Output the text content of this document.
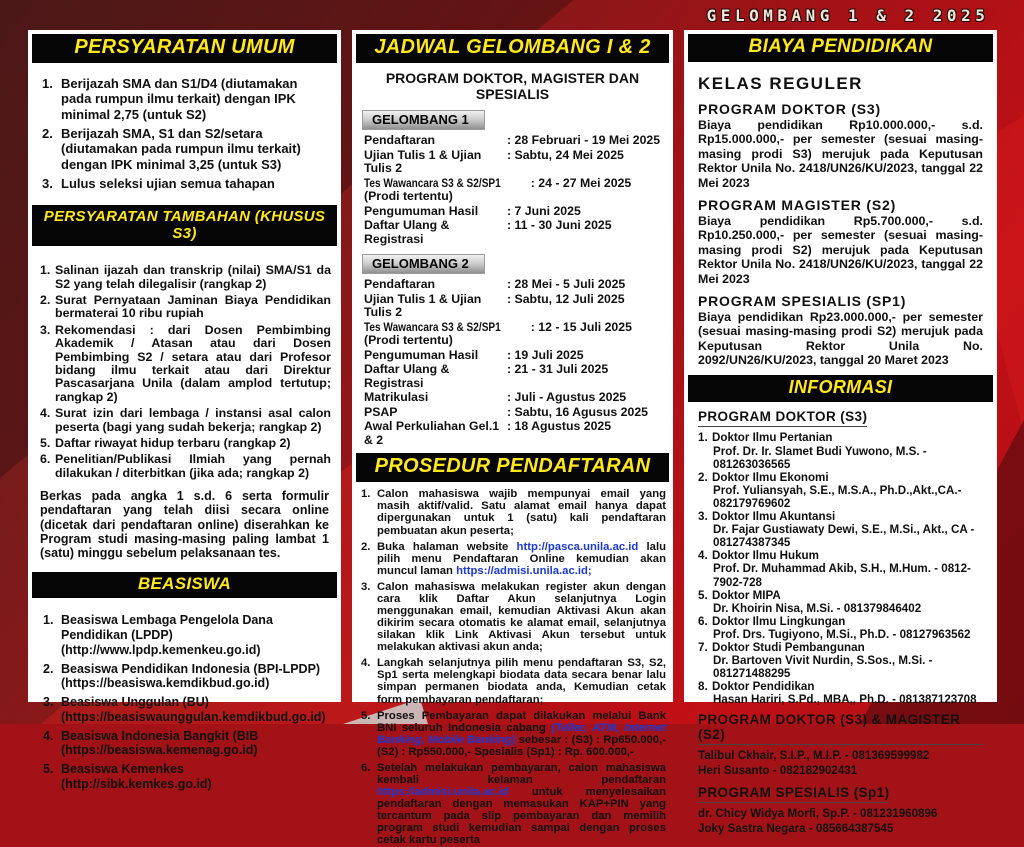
GELOMBANG 1 & 2 2025
PERSYARATAN UMUM
1. Berijazah SMA dan S1/D4 (diutamakan pada rumpun ilmu terkait) dengan IPK minimal 2,75 (untuk S2)
2. Berijazah SMA, S1 dan S2/setara (diutamakan pada rumpun ilmu terkait) dengan IPK minimal 3,25 (untuk S3)
3. Lulus seleksi ujian semua tahapan
PERSYARATAN TAMBAHAN (KHUSUS S3)
1. Salinan ijazah dan transkrip (nilai) SMA/S1 da S2 yang telah dilegalisir (rangkap 2)
2. Surat Pernyataan Jaminan Biaya Pendidikan bermaterai 10 ribu rupiah
3. Rekomendasi : dari Dosen Pembimbing Akademik / Atasan atau dari Dosen Pembimbing S2 / setara atau dari Profesor bidang ilmu terkait atau dari Direktur Pascasarjana Unila (dalam amplod tertutup; rangkap 2)
4. Surat izin dari lembaga / instansi asal calon peserta (bagi yang sudah bekerja; rangkap 2)
5. Daftar riwayat hidup terbaru (rangkap 2)
6. Penelitian/Publikasi Ilmiah yang pernah dilakukan / diterbitkan (jika ada; rangkap 2)
Berkas pada angka 1 s.d. 6 serta formulir pendaftaran yang telah diisi secara online (dicetak dari pendaftaran online) diserahkan ke Program studi masing-masing paling lambat 1 (satu) minggu sebelum pelaksanaan tes.
BEASISWA
1. Beasiswa Lembaga Pengelola Dana Pendidikan (LPDP)
(http://www.lpdp.kemenkeu.go.id)
2. Beasiswa Pendidikan Indonesia (BPI-LPDP)
(https://beasiswa.kemdikbud.go.id)
3. Beasiswa Unggulan (BU)
(https://beasiswaunggulan.kemdikbud.go.id)
4. Beasiswa Indonesia Bangkit (BIB
(https://beasiswa.kemenag.go.id)
5. Beasiswa Kemenkes
(http://sibk.kemkes.go.id)
JADWAL GELOMBANG I & 2
PROGRAM DOKTOR, MAGISTER DAN SPESIALIS
GELOMBANG 1
Pendaftaran	: 28 Februari - 19 Mei 2025
Ujian Tulis 1 & Ujian Tulis 2
: Sabtu, 24 Mei 2025
Tes Wawancara S3 & S2/SP1
(Prodi tertentu)
: 24 - 27 Mei 2025
Pengumuman Hasil	: 7 Juni 2025
Daftar Ulang & Registrasi
: 11 - 30 Juni 2025
GELOMBANG 2
Pendaftaran	: 28 Mei - 5 Juli 2025
Ujian Tulis 1 & Ujian Tulis 2
: Sabtu, 12 Juli 2025
Tes Wawancara S3 & S2/SP1
(Prodi tertentu)
: 12 - 15 Juli 2025
Pengumuman Hasil	: 19 Juli 2025
Daftar Ulang & Registrasi
: 21 - 31 Juli 2025
Matrikulasi	: Juli - Agustus 2025
PSAP	: Sabtu, 16 Agusus 2025
Awal Perkuliahan Gel.1 & 2
: 18 Agustus 2025
PROSEDUR PENDAFTARAN
1. Calon mahasiswa wajib mempunyai email yang masih aktif/valid. Satu alamat email hanya dapat dipergunakan untuk 1 (satu) kali pendaftaran pembuatan akun peserta;
2. Buka halaman website http://pasca.unila.ac.id lalu pilih menu Pendaftaran Online kemudian akan muncul laman https://admisi.unila.ac.id;
3. Calon mahasiswa melakukan register akun dengan cara klik Daftar Akun selanjutnya Login menggunakan email, kemudian Aktivasi Akun akan dikirim secara otomatis ke alamat email, selanjutnya silakan klik Link Aktivasi Akun tersebut untuk melakukan aktivasi akun anda;
4. Langkah selanjutnya pilih menu pendaftaran S3, S2, Sp1 serta melengkapi biodata data secara benar lalu simpan permanen biodata anda, Kemudian cetak form pembayaran pendaftaran;
5. Proses Pembayaran dapat dilakukan melalui Bank BNI seluruh Indonesia cabang (Teller, ATM, Internet Banking, Mobile Banking) sebesar : (S3) : Rp650.000,- (S2) : Rp550.000,- Spesialis (Sp1) : Rp. 600.000,-
6. Setelah melakukan pembayaran, calon mahasiswa kembali kelaman pendaftaran https://admisi.unila.ac.id untuk menyelesaikan pendaftaran dengan memasukan KAP+PIN yang tercantum pada slip pembayaran dan memilih program studi kemudian sampai dengan proses cetak kartu peserta
BIAYA PENDIDIKAN
KELAS REGULER
PROGRAM DOKTOR (S3)
Biaya pendidikan Rp10.000.000,- s.d. Rp15.000.000,- per semester (sesuai masing-masing prodi S3) merujuk pada Keputusan Rektor Unila No. 2418/UN26/KU/2023, tanggal 22 Mei 2023
PROGRAM MAGISTER (S2)
Biaya pendidikan Rp5.700.000,- s.d. Rp10.250.000,- per semester (sesuai masing-masing prodi S2) merujuk pada Keputusan Rektor Unila No. 2418/UN26/KU/2023, tanggal 22 Mei 2023
PROGRAM SPESIALIS (SP1)
Biaya pendidikan Rp23.000.000,- per semester (sesuai masing-masing prodi S2) merujuk pada Keputusan Rektor Unila No. 2092/UN26/KU/2023, tanggal 20 Maret 2023
INFORMASI
PROGRAM DOKTOR (S3)
1. Doktor Ilmu Pertanian
Prof. Dr. Ir. Slamet Budi Yuwono, M.S. - 081263036565
2. Doktor Ilmu Ekonomi
Prof. Yuliansyah, S.E., M.S.A., Ph.D.,Akt.,CA.- 082179769602
3. Doktor Ilmu Akuntansi
Dr. Fajar Gustiawaty Dewi, S.E., M.Si., Akt., CA - 081274387345
4. Doktor Ilmu Hukum
Prof. Dr. Muhammad Akib, S.H., M.Hum. - 0812-7902-728
5. Doktor MIPA
Dr. Khoirin Nisa, M.Si. - 081379846402
6. Doktor Ilmu Lingkungan
Prof. Drs. Tugiyono, M.Si., Ph.D. - 08127963562
7. Doktor Studi Pembangunan
Dr. Bartoven Vivit Nurdin, S.Sos., M.Si. - 081271488295
8. Doktor Pendidikan
Hasan Hariri, S.Pd., MBA,, Ph.D. - 081387123708
PROGRAM DOKTOR (S3) & MAGISTER (S2)
Talibul Ckhair, S.I.P., M.I.P. - 081369599982
Heri Susanto - 082182902431
PROGRAM SPESIALIS (Sp1)
dr. Chicy Widya Morfi, Sp.P. - 081231960896
Joky Sastra Negara - 085664387545
